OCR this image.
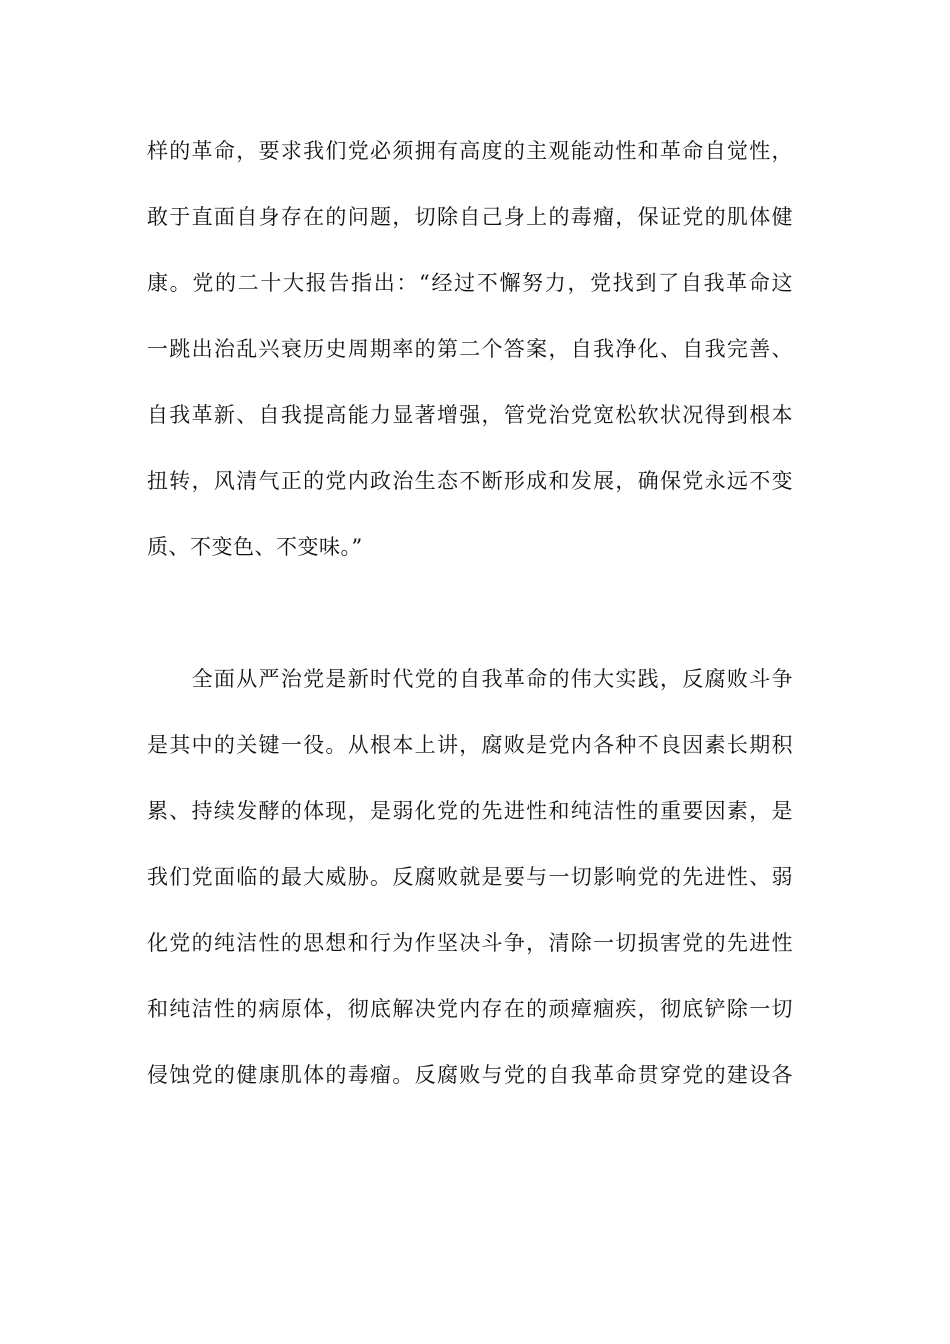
样的革命，要求我们党必须拥有高度的主观能动性和革命自觉性，
敢于直面自身存在的问题，切除自己身上的毒瘤，保证党的肌体健
康。党的二十大报告指出：“经过不懈努力，党找到了自我革命这
一跳出治乱兴衰历史周期率的第二个答案，自我净化、自我完善、
自我革新、自我提高能力显著增强，管党治党宽松软状况得到根本
扭转，风清气正的党内政治生态不断形成和发展，确保党永远不变
质、不变色、不变味。”
　　全面从严治党是新时代党的自我革命的伟大实践，反腐败斗争
是其中的关键一役。从根本上讲，腐败是党内各种不良因素长期积
累、持续发酵的体现，是弱化党的先进性和纯洁性的重要因素，是
我们党面临的最大威胁。反腐败就是要与一切影响党的先进性、弱
化党的纯洁性的思想和行为作坚决斗争，清除一切损害党的先进性
和纯洁性的病原体，彻底解决党内存在的顽瘴痼疾，彻底铲除一切
侵蚀党的健康肌体的毒瘤。反腐败与党的自我革命贯穿党的建设各
